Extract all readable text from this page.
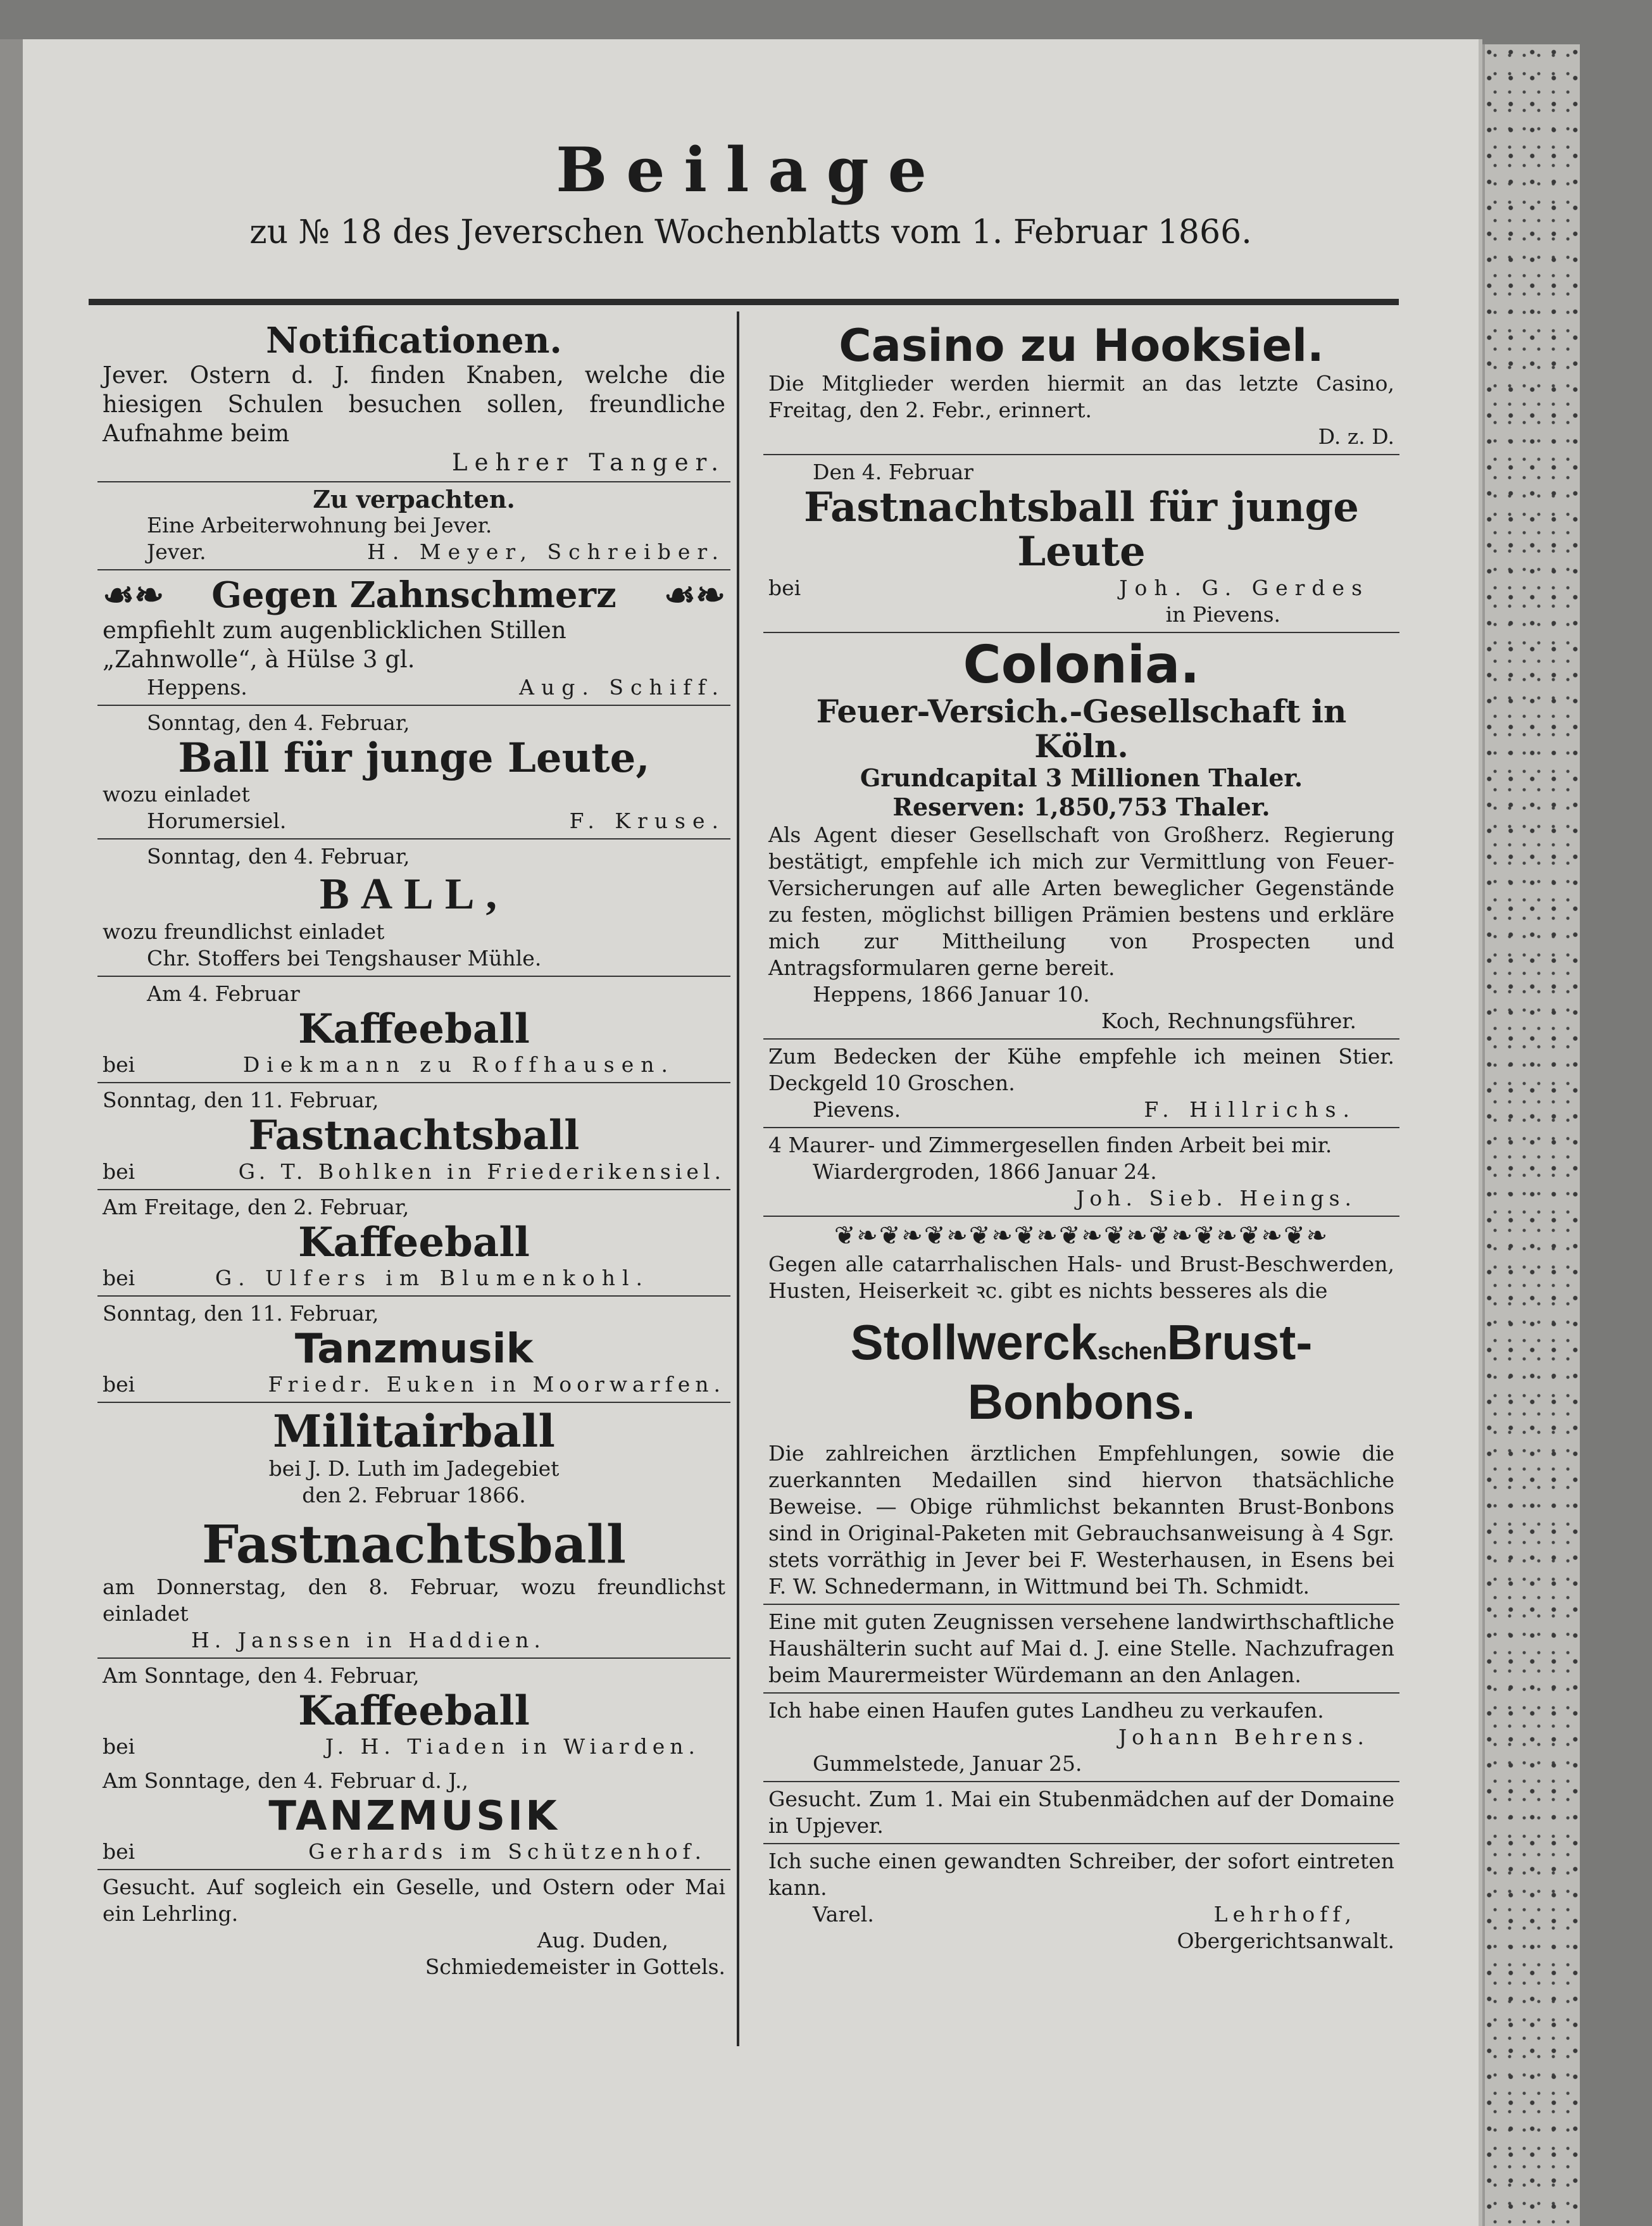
Beilage
zu № 18 des Jeverschen Wochenblatts vom 1. Februar 1866.
Notificationen.
Jever. Ostern d. J. finden Knaben, welche die hiesigen Schulen besuchen sollen, freundliche Aufnahme beim
Lehrer Tanger.
Zu verpachten.
Eine Arbeiterwohnung bei Jever.
Jever.	H. Meyer, Schreiber.
☙❧ Gegen Zahnschmerz ☙❧
empfiehlt zum augenblicklichen Stillen „Zahnwolle“, à Hülse 3 gl.
Heppens.	Aug. Schiff.
Sonntag, den 4. Februar,
Ball für junge Leute,
wozu einladet
Horumersiel.	F. Kruse.
Sonntag, den 4. Februar,
BALL,
wozu freundlichst einladet
Chr. Stoffers bei Tengshauser Mühle.
Am 4. Februar
Kaffeeball
bei	Diekmann zu Roffhausen.
Sonntag, den 11. Februar,
Fastnachtsball
bei	G. T. Bohlken in Friederikensiel.
Am Freitage, den 2. Februar,
Kaffeeball
bei	G. Ulfers im Blumenkohl.
Sonntag, den 11. Februar,
Tanzmusik
bei	Friedr. Euken in Moorwarfen.
Militairball
bei J. D. Luth im Jadegebiet
den 2. Februar 1866.
Fastnachtsball
am Donnerstag, den 8. Februar, wozu freundlichst einladet
H. Janssen in Haddien.
Am Sonntage, den 4. Februar,
Kaffeeball
bei	J. H. Tiaden in Wiarden.
Am Sonntage, den 4. Februar d. J.,
TANZMUSIK
bei	Gerhards im Schützenhof.
Gesucht. Auf sogleich ein Geselle, und Ostern oder Mai ein Lehrling.
Aug. Duden,
Schmiedemeister in Gottels.
Casino zu Hooksiel.
Die Mitglieder werden hiermit an das letzte Casino, Freitag, den 2. Febr., erinnert.
D. z. D.
Den 4. Februar
Fastnachtsball für junge Leute
bei	Joh. G. Gerdes
in Pievens.
Colonia.
Feuer-Versich.-Gesellschaft in Köln.
Grundcapital 3 Millionen Thaler.
Reserven: 1,850,753 Thaler.
Als Agent dieser Gesellschaft von Großherz. Regierung bestätigt, empfehle ich mich zur Vermittlung von Feuer-Versicherungen auf alle Arten beweglicher Gegenstände zu festen, möglichst billigen Prämien bestens und erkläre mich zur Mittheilung von Prospecten und Antragsformularen gerne bereit.
Heppens, 1866 Januar 10.
Koch, Rechnungsführer.
Zum Bedecken der Kühe empfehle ich meinen Stier. Deckgeld 10 Groschen.
Pievens.	F. Hillrichs.
4 Maurer- und Zimmergesellen finden Arbeit bei mir.
Wiardergroden, 1866 Januar 24.
Joh. Sieb. Heings.
❦❧❦❧❦❧❦❧❦❧❦❧❦❧❦❧❦❧❦❧❦❧
Gegen alle catarrhalischen Hals- und Brust-Beschwerden, Husten, Heiserkeit ꝛc. gibt es nichts besseres als die
StollwerckschenBrust-Bonbons.
Die zahlreichen ärztlichen Empfehlungen, sowie die zuerkannten Medaillen sind hiervon thatsächliche Beweise. — Obige rühmlichst bekannten Brust-Bonbons sind in Original-Paketen mit Gebrauchsanweisung à 4 Sgr. stets vorräthig in Jever bei F. Westerhausen, in Esens bei F. W. Schnedermann, in Wittmund bei Th. Schmidt.
Eine mit guten Zeugnissen versehene landwirthschaftliche Haushälterin sucht auf Mai d. J. eine Stelle. Nachzufragen beim Maurermeister Würdemann an den Anlagen.
Ich habe einen Haufen gutes Landheu zu verkaufen.
Johann Behrens.
Gummelstede, Januar 25.
Gesucht. Zum 1. Mai ein Stubenmädchen auf der Domaine in Upjever.
Ich suche einen gewandten Schreiber, der sofort eintreten kann.
Varel.	Lehrhoff,
Obergerichtsanwalt.
